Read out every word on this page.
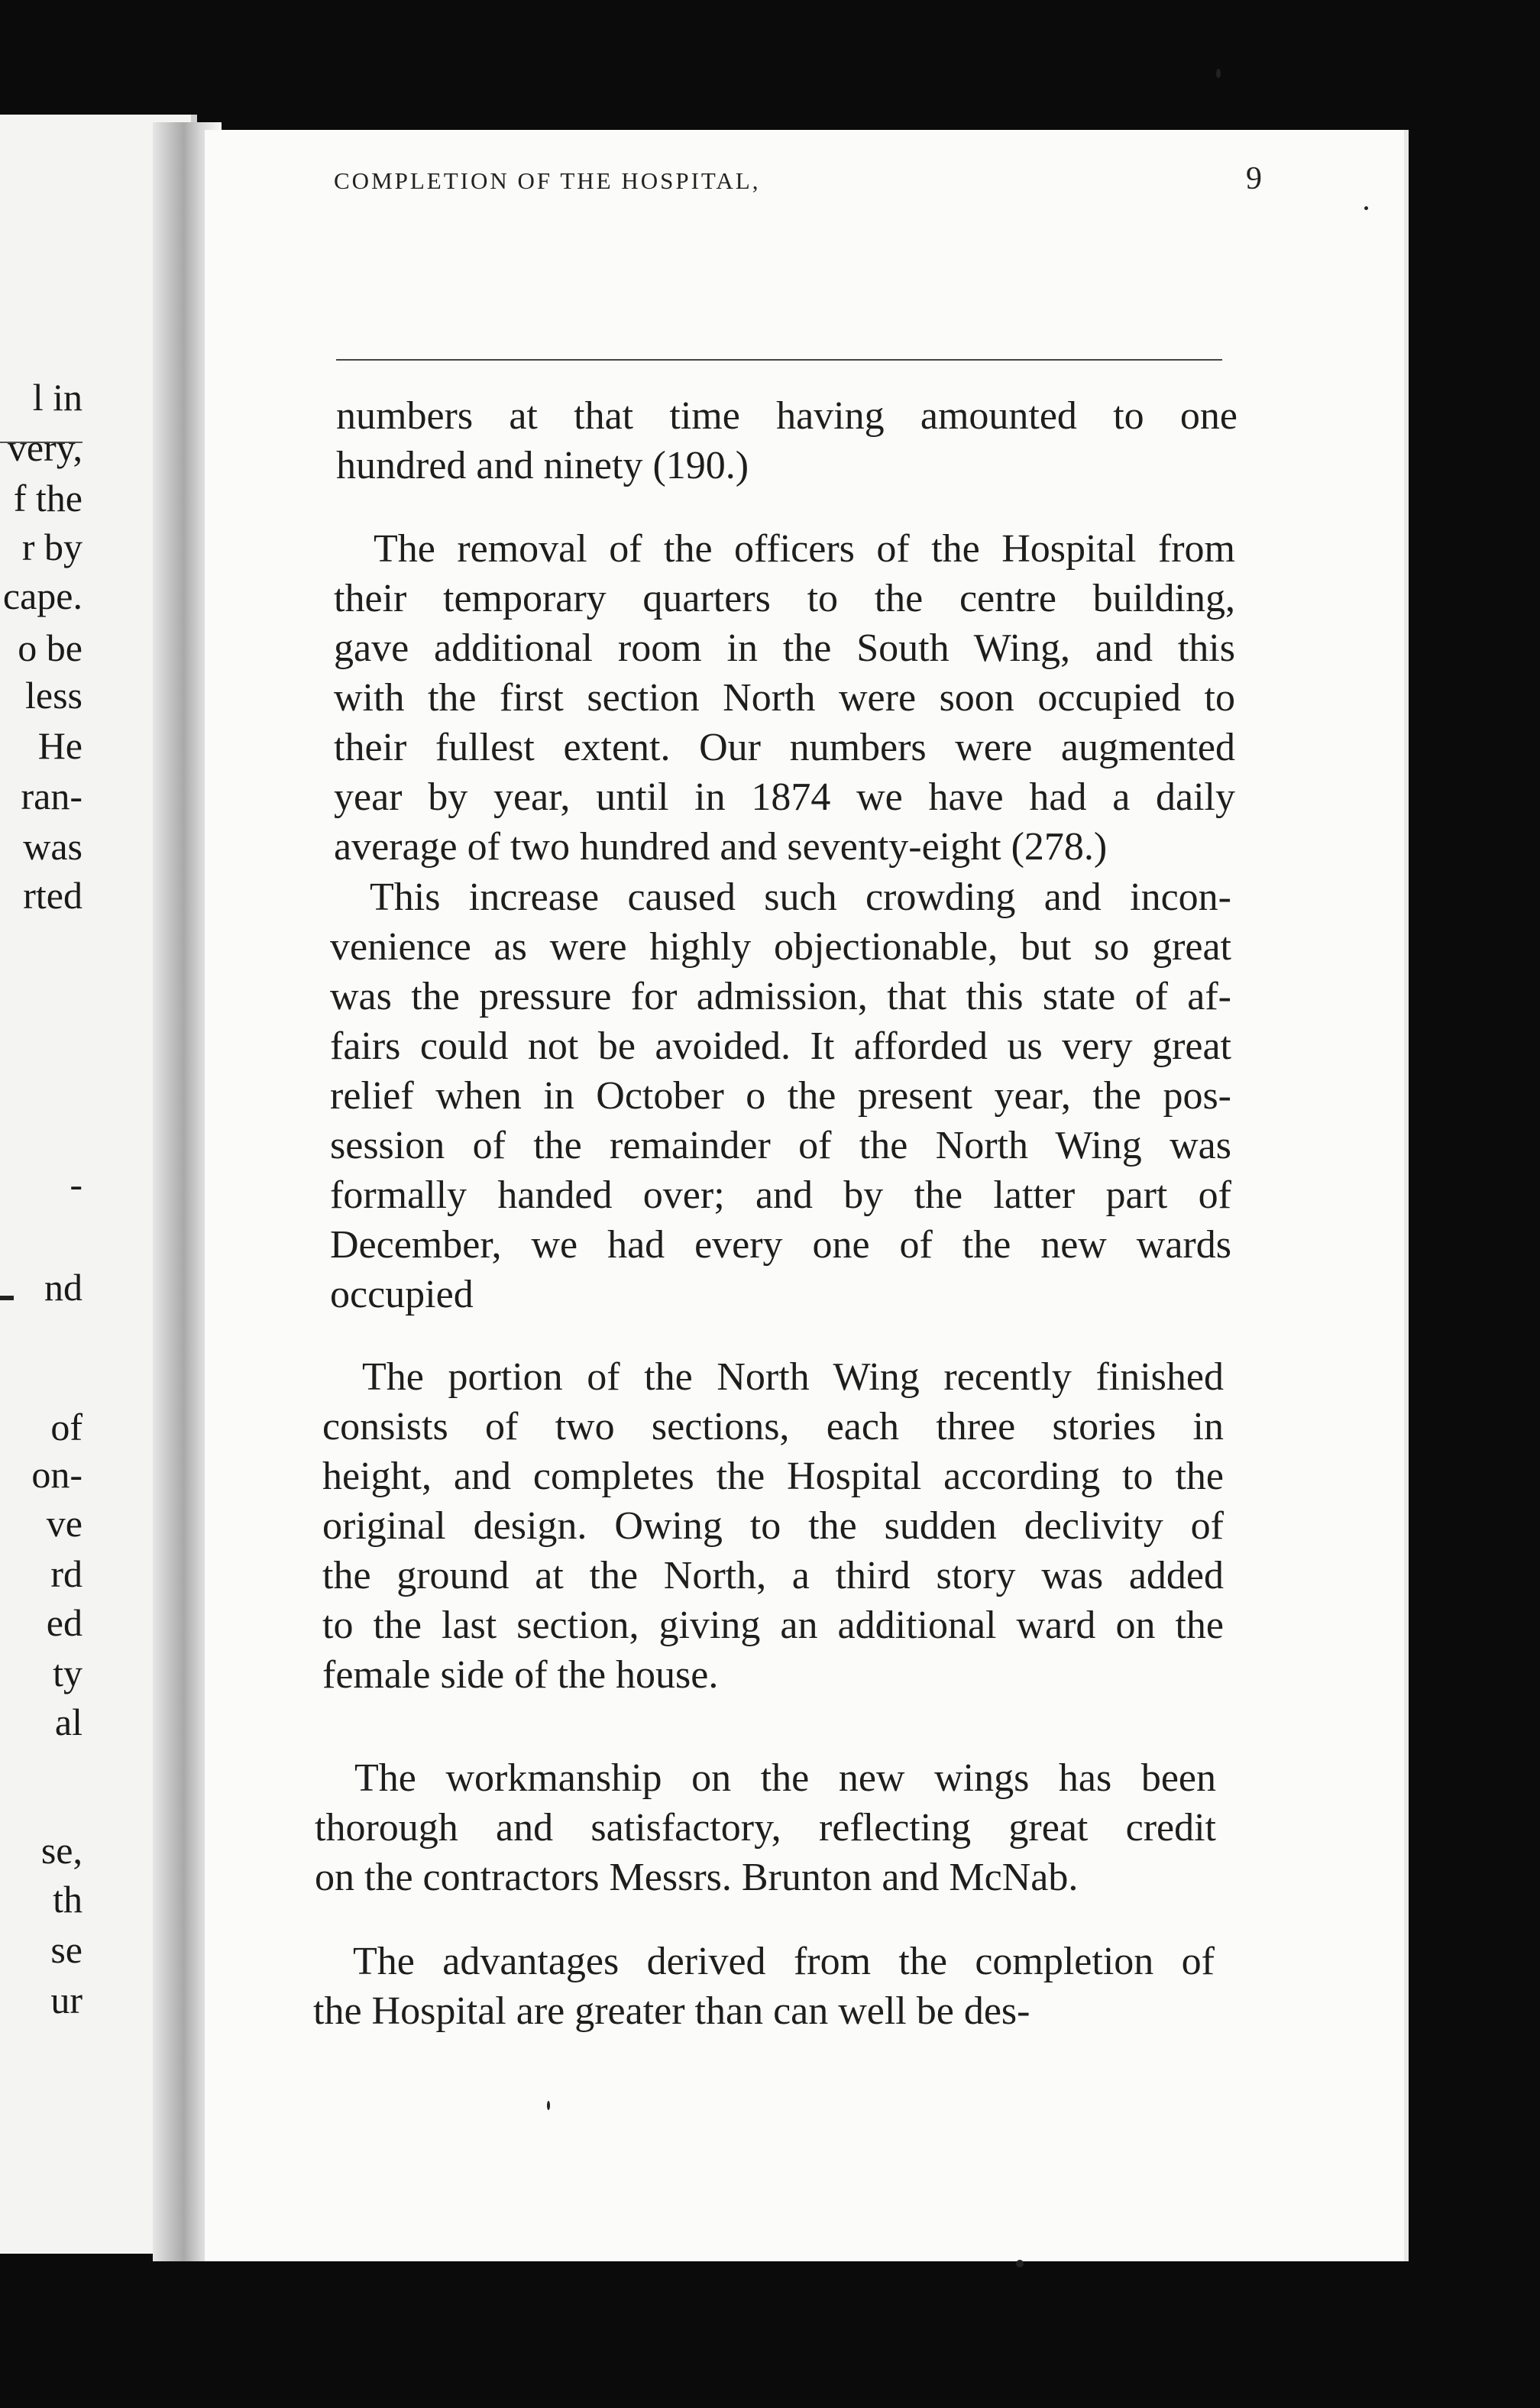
l in
very,
f the
r by
cape.
o be
less
He
ran-
was
rted
-
nd
of
on-
ve
rd
ed
ty
al
se,
th
se
ur
COMPLETION OF THE HOSPITAL,	9
numbers at that time having amounted to one
hundred and ninety (190.)
The removal of the officers of the Hospital from
their temporary quarters to the centre building,
gave additional room in the South Wing, and this
with the first section North were soon occupied to
their fullest extent. Our numbers were augmented
year by year, until in 1874 we have had a daily
average of two hundred and seventy-eight (278.)
This increase caused such crowding and incon-
venience as were highly objectionable, but so great
was the pressure for admission, that this state of af-
fairs could not be avoided. It afforded us very great
relief when in October o the present year, the pos-
session of the remainder of the North Wing was
formally handed over; and by the latter part of
December, we had every one of the new wards
occupied
The portion of the North Wing recently finished
consists of two sections, each three stories in
height, and completes the Hospital according to the
original design. Owing to the sudden declivity of
the ground at the North, a third story was added
to the last section, giving an additional ward on the
female side of the house.
The workmanship on the new wings has been
thorough and satisfactory, reflecting great credit
on the contractors Messrs. Brunton and McNab.
The advantages derived from the completion of
the Hospital are greater than can well be des-
